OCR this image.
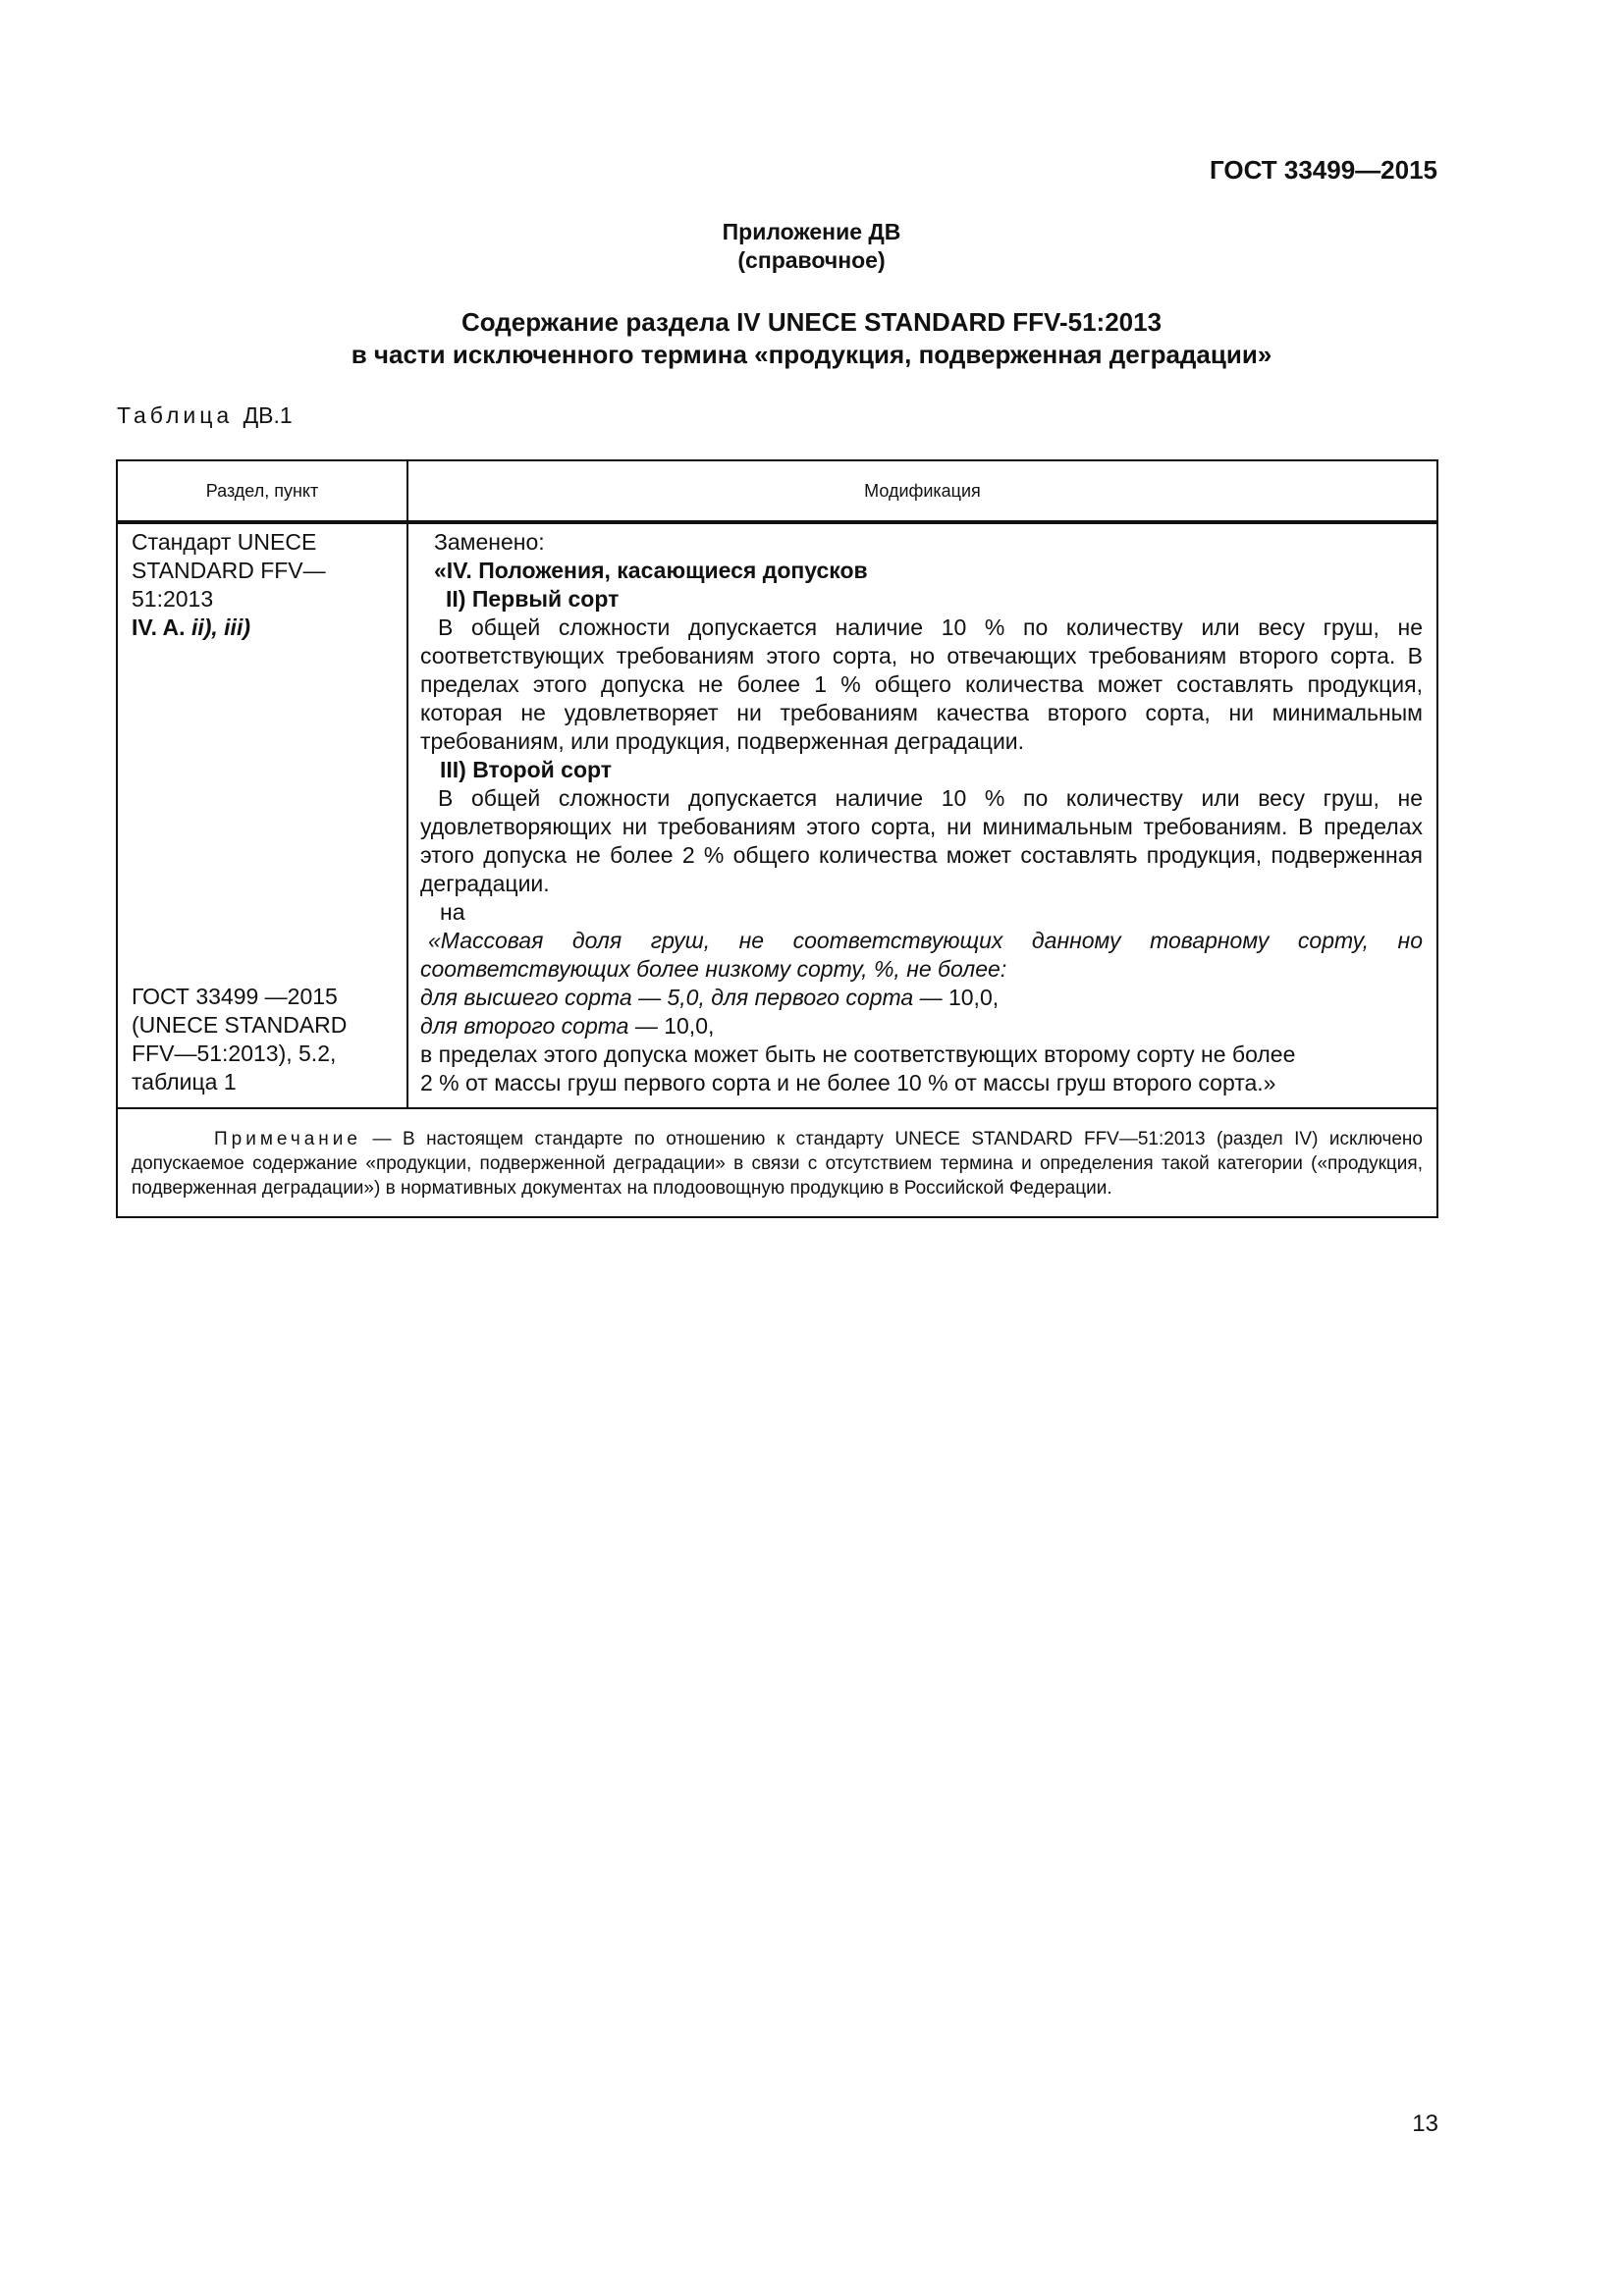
ГОСТ 33499—2015
Приложение ДВ
(справочное)
Содержание раздела IV UNECE STANDARD FFV-51:2013
в части исключенного термина «продукция, подверженная деградации»
Таблица ДВ.1
Раздел, пункт	Модификация
Стандарт UNECE
STANDARD FFV—
51:2013
IV. A. ii), iii)
ГОСТ 33499 —2015
(UNECE STANDARD
FFV—51:2013), 5.2,
таблица 1
Заменено:
«IV. Положения, касающиеся допусков
II) Первый сорт
В общей сложности допускается наличие 10 % по количеству или весу груш, не соответствующих требованиям этого сорта, но отвечающих требованиям второго сорта. В пределах этого допуска не более 1 % общего количества может составлять продукция, которая не удовлетворяет ни требованиям качества второго сорта, ни минимальным требованиям, или продукция, подверженная деградации.
III) Второй сорт
В общей сложности допускается наличие 10 % по количеству или весу груш, не удовлетворяющих ни требованиям этого сорта, ни минимальным требованиям. В пределах этого допуска не более 2 % общего количества может составлять продукция, подверженная деградации.
на
«Массовая доля груш, не соответствующих данному товарному сорту, но соответствующих более низкому сорту, %, не более:
для высшего сорта — 5,0, для первого сорта — 10,0,
для второго сорта — 10,0,
в пределах этого допуска может быть не соответствующих второму сорту не более
2 % от массы груш первого сорта и не более 10 % от массы груш второго сорта.»
Примечание — В настоящем стандарте по отношению к стандарту UNECE STANDARD FFV—51:2013 (раздел IV) исключено допускаемое содержание «продукции, подверженной деградации» в связи с отсутствием термина и определения такой категории («продукция, подверженная деградации») в нормативных документах на плодоовощную продукцию в Российской Федерации.
13
